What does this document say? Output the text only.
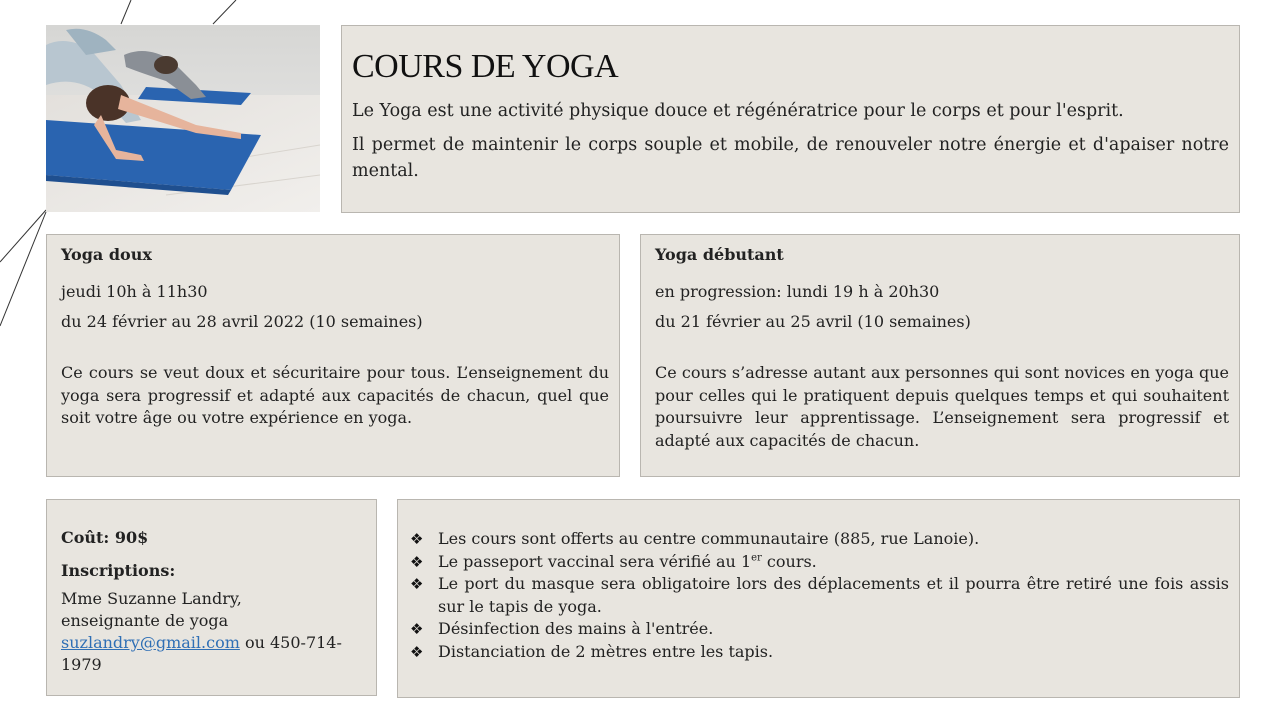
COURS DE YOGA

Le Yoga est une activité physique douce et régénératrice pour le corps et pour l'esprit.

Il permet de maintenir le corps souple et mobile, de renouveler notre énergie et d'apaiser notre mental.

Yoga doux

jeudi 10h à 11h30

du 24 février au 28 avril 2022 (10 semaines)

Ce cours se veut doux et sécuritaire pour tous. L’enseignement du yoga sera progressif et adapté aux capacités de chacun, quel que soit votre âge ou votre expérience en yoga.

Yoga débutant

en progression: lundi 19 h à 20h30

du 21 février au 25 avril (10 semaines)

Ce cours s’adresse autant aux personnes qui sont novices en yoga que pour celles qui le pratiquent depuis quelques temps et qui souhaitent poursuivre leur apprentissage. L’enseignement sera progressif et adapté aux capacités de chacun.

Coût: 90$

Inscriptions:

Mme Suzanne Landry,
enseignante de yoga
suzlandry@gmail.com ou 450-714-1979
❖ Les cours sont offerts au centre communautaire (885, rue Lanoie).
❖ Le passeport vaccinal sera vérifié au 1er cours.
❖ Le port du masque sera obligatoire lors des déplacements et il pourra être retiré une fois assis sur le tapis de yoga.
❖ Désinfection des mains à l'entrée.
❖ Distanciation de 2 mètres entre les tapis.
